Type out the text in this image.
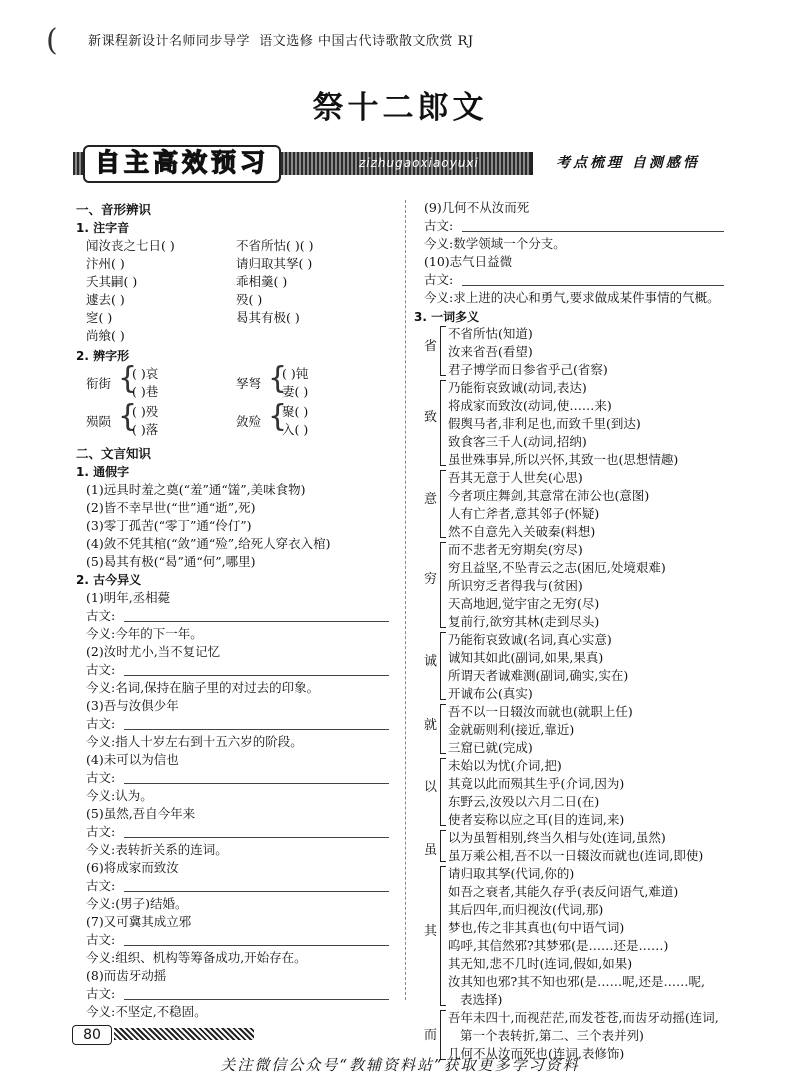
( 新课程新设计名师同步导学 语文选修 中国古代诗歌散文欣赏 RJ
祭十二郎文
自主高效预习	zizhugaoxiaoyuxi	考点梳理 自测感悟
一、音形辨识
1. 注字音
闻汝丧之七日( )	不省所怙( )( )
汴州( )	请归取其孥( )
夭其嗣( )	乖相羹( )
遽去( )	殁( )
窆( )	曷其有极( )
尚飨( )
2. 辨字形
衔街 {
( )哀
( )巷
孥弩 {
( )钝
妻( )
殒陨 {
( )殁
( )落
敛殓 {
聚( )
入( )
二、文言知识
1. 通假字
(1)远具时羞之奠(“羞”通“馐”,美味食物)
(2)皆不幸早世(“世”通“逝”,死)
(3)零丁孤苦(“零丁”通“伶仃”)
(4)敛不凭其棺(“敛”通“殓”,给死人穿衣入棺)
(5)曷其有极(“曷”通“何”,哪里)
2. 古今异义
(1)明年,丞相薨
古文:
今义:今年的下一年。
(2)汝时尤小,当不复记忆
古文:
今义:名词,保持在脑子里的对过去的印象。
(3)吾与汝俱少年
古文:
今义:指人十岁左右到十五六岁的阶段。
(4)未可以为信也
古文:
今义:认为。
(5)虽然,吾自今年来
古文:
今义:表转折关系的连词。
(6)将成家而致汝
古文:
今义:(男子)结婚。
(7)又可冀其成立邪
古文:
今义:组织、机构等筹备成功,开始存在。
(8)而齿牙动摇
古文:
今义:不坚定,不稳固。
(9)几何不从汝而死
古文:
今义:数学领域一个分支。
(10)志气日益微
古文:
今义:求上进的决心和勇气,要求做成某件事情的气概。
3. 一词多义
省
不省所怙(知道)
汝来省吾(看望)
君子博学而日参省乎己(省察)
致
乃能衔哀致诚(动词,表达)
将成家而致汝(动词,使……来)
假舆马者,非利足也,而致千里(到达)
致食客三千人(动词,招纳)
虽世殊事异,所以兴怀,其致一也(思想情趣)
意
吾其无意于人世矣(心思)
今者项庄舞剑,其意常在沛公也(意图)
人有亡斧者,意其邻子(怀疑)
然不自意先入关破秦(料想)
穷
而不悲者无穷期矣(穷尽)
穷且益坚,不坠青云之志(困厄,处境艰难)
所识穷乏者得我与(贫困)
天高地迥,觉宇宙之无穷(尽)
复前行,欲穷其林(走到尽头)
诚
乃能衔哀致诚(名词,真心实意)
诚知其如此(副词,如果,果真)
所谓天者诚难测(副词,确实,实在)
开诚布公(真实)
就
吾不以一日辍汝而就也(就职上任)
金就砺则利(接近,靠近)
三窟已就(完成)
以
未始以为忧(介词,把)
其竟以此而殒其生乎(介词,因为)
东野云,汝殁以六月二日(在)
使者妄称以应之耳(目的连词,来)
虽
以为虽暂相别,终当久相与处(连词,虽然)
虽万乘公相,吾不以一日辍汝而就也(连词,即使)
其
请归取其孥(代词,你的)
如吾之衰者,其能久存乎(表反问语气,难道)
其后四年,而归视汝(代词,那)
梦也,传之非其真也(句中语气词)
呜呼,其信然邪?其梦邪(是……还是……)
其无知,悲不几时(连词,假如,如果)
汝其知也邪?其不知也邪(是……呢,还是……呢,
表选择)
而
吾年未四十,而视茫茫,而发苍苍,而齿牙动摇(连词,
第一个表转折,第二、三个表并列)
几何不从汝而死也(连词,表修饰)
80
关注微信公众号“教辅资料站”获取更多学习资料
